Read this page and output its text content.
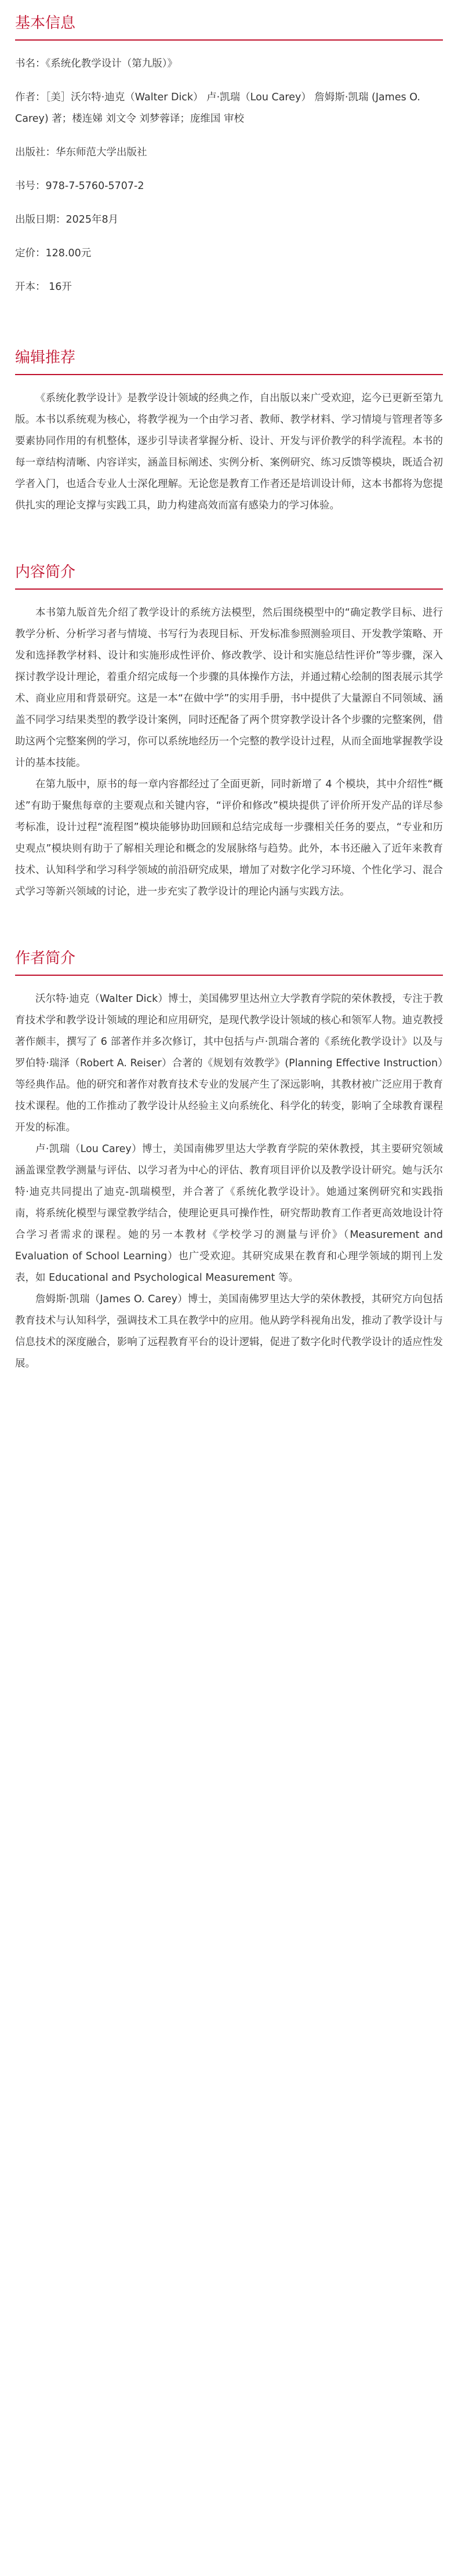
基本信息
书名：《系统化教学设计（第九版）》
作者：［美］沃尔特·迪克（Walter Dick） 卢·凯瑞（Lou Carey） 詹姆斯·凯瑞 (James O. Carey) 著；楼连娣 刘文令 刘梦蓉译；庞维国 审校
出版社：华东师范大学出版社
书号：978-7-5760-5707-2
出版日期：2025年8月
定价：128.00元
开本： 16开
编辑推荐

《系统化教学设计》是教学设计领域的经典之作，自出版以来广受欢迎，迄今已更新至第九版。本书以系统观为核心，将教学视为一个由学习者、教师、教学材料、学习情境与管理者等多要素协同作用的有机整体，逐步引导读者掌握分析、设计、开发与评价教学的科学流程。本书的每一章结构清晰、内容详实，涵盖目标阐述、实例分析、案例研究、练习反馈等模块，既适合初学者入门，也适合专业人士深化理解。无论您是教育工作者还是培训设计师，这本书都将为您提供扎实的理论支撑与实践工具，助力构建高效而富有感染力的学习体验。

内容简介

本书第九版首先介绍了教学设计的系统方法模型，然后围绕模型中的“确定教学目标、进行教学分析、分析学习者与情境、书写行为表现目标、开发标准参照测验项目、开发教学策略、开发和选择教学材料、设计和实施形成性评价、修改教学、设计和实施总结性评价”等步骤，深入探讨教学设计理论，着重介绍完成每一个步骤的具体操作方法，并通过精心绘制的图表展示其学术、商业应用和背景研究。这是一本“在做中学”的实用手册，书中提供了大量源自不同领域、涵盖不同学习结果类型的教学设计案例，同时还配备了两个贯穿教学设计各个步骤的完整案例，借助这两个完整案例的学习，你可以系统地经历一个完整的教学设计过程，从而全面地掌握教学设计的基本技能。

在第九版中，原书的每一章内容都经过了全面更新，同时新增了 4 个模块，其中介绍性“概述”有助于聚焦每章的主要观点和关键内容，“评价和修改”模块提供了评价所开发产品的详尽参考标准，设计过程“流程图”模块能够协助回顾和总结完成每一步骤相关任务的要点，“专业和历史观点”模块则有助于了解相关理论和概念的发展脉络与趋势。此外，本书还融入了近年来教育技术、认知科学和学习科学领域的前沿研究成果，增加了对数字化学习环境、个性化学习、混合式学习等新兴领域的讨论，进一步充实了教学设计的理论内涵与实践方法。

作者简介

沃尔特·迪克（Walter Dick）博士，美国佛罗里达州立大学教育学院的荣休教授，专注于教育技术学和教学设计领域的理论和应用研究，是现代教学设计领域的核心和领军人物。迪克教授著作颇丰，撰写了 6 部著作并多次修订，其中包括与卢·凯瑞合著的《系统化教学设计》以及与罗伯特·瑞泽（Robert A. Reiser）合著的《规划有效教学》(Planning Effective Instruction）等经典作品。他的研究和著作对教育技术专业的发展产生了深远影响，其教材被广泛应用于教育技术课程。他的工作推动了教学设计从经验主义向系统化、科学化的转变，影响了全球教育课程开发的标准。

卢·凯瑞（Lou Carey）博士，美国南佛罗里达大学教育学院的荣休教授，其主要研究领域涵盖课堂教学测量与评估、以学习者为中心的评估、教育项目评价以及教学设计研究。她与沃尔特·迪克共同提出了迪克-凯瑞模型，并合著了《系统化教学设计》。她通过案例研究和实践指南，将系统化模型与课堂教学结合，使理论更具可操作性，研究帮助教育工作者更高效地设计符合学习者需求的课程。她的另一本教材《学校学习的测量与评价》（Measurement and Evaluation of School Learning）也广受欢迎。其研究成果在教育和心理学领域的期刊上发表，如 Educational and Psychological Measurement 等。

詹姆斯·凯瑞（James O. Carey）博士，美国南佛罗里达大学的荣休教授，其研究方向包括教育技术与认知科学，强调技术工具在教学中的应用。他从跨学科视角出发，推动了教学设计与信息技术的深度融合，影响了远程教育平台的设计逻辑，促进了数字化时代教学设计的适应性发展。
